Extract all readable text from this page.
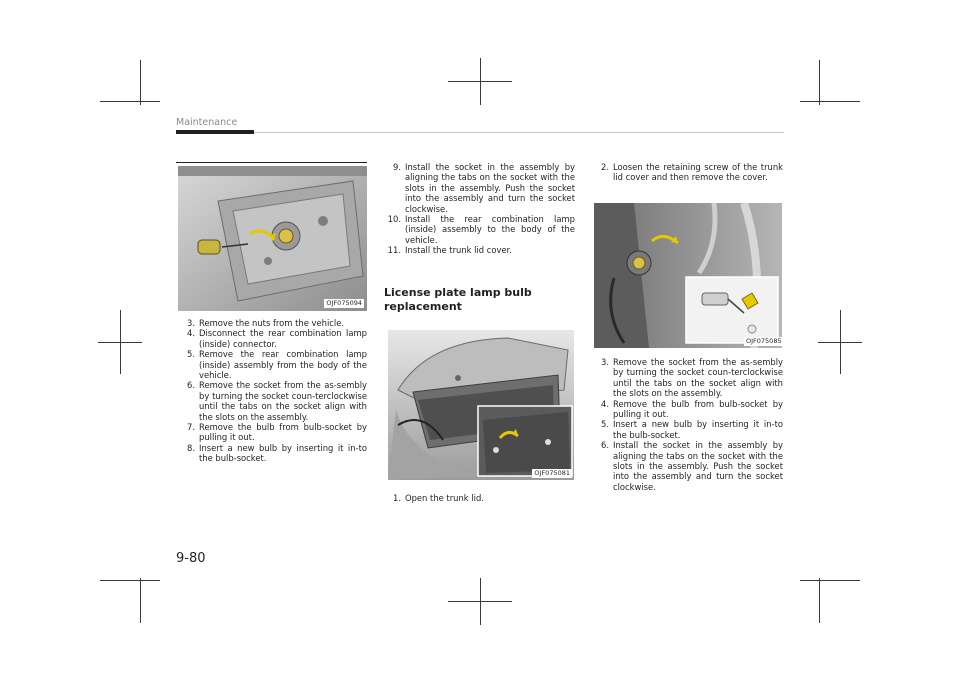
Maintenance
OJF075094
3. Remove the nuts from the vehicle.
4. Disconnect the rear combination lamp (inside) connector.
5. Remove the rear combination lamp (inside) assembly from the body of the vehicle.
6. Remove the socket from the as-sembly by turning the socket coun-terclockwise until the tabs on the socket align with the slots on the assembly.
7. Remove the bulb from bulb-socket by pulling it out.
8. Insert a new bulb by inserting it in-to the bulb-socket.
9. Install the socket in the assembly by aligning the tabs on the socket with the slots in the assembly. Push the socket into the assembly and turn the socket clockwise.
10. Install the rear combination lamp (inside) assembly to the body of the vehicle.
11. Install the trunk lid cover.
License plate lamp bulb
replacement
OJF075081
1. Open the trunk lid.
2. Loosen the retaining screw of the trunk lid cover and then remove the cover.
OJF075085
3. Remove the socket from the as-sembly by turning the socket coun-terclockwise until the tabs on the socket align with the slots on the assembly.
4. Remove the bulb from bulb-socket by pulling it out.
5. Insert a new bulb by inserting it in-to the bulb-socket.
6. Install the socket in the assembly by aligning the tabs on the socket with the slots in the assembly. Push the socket into the assembly and turn the socket clockwise.
9-80
